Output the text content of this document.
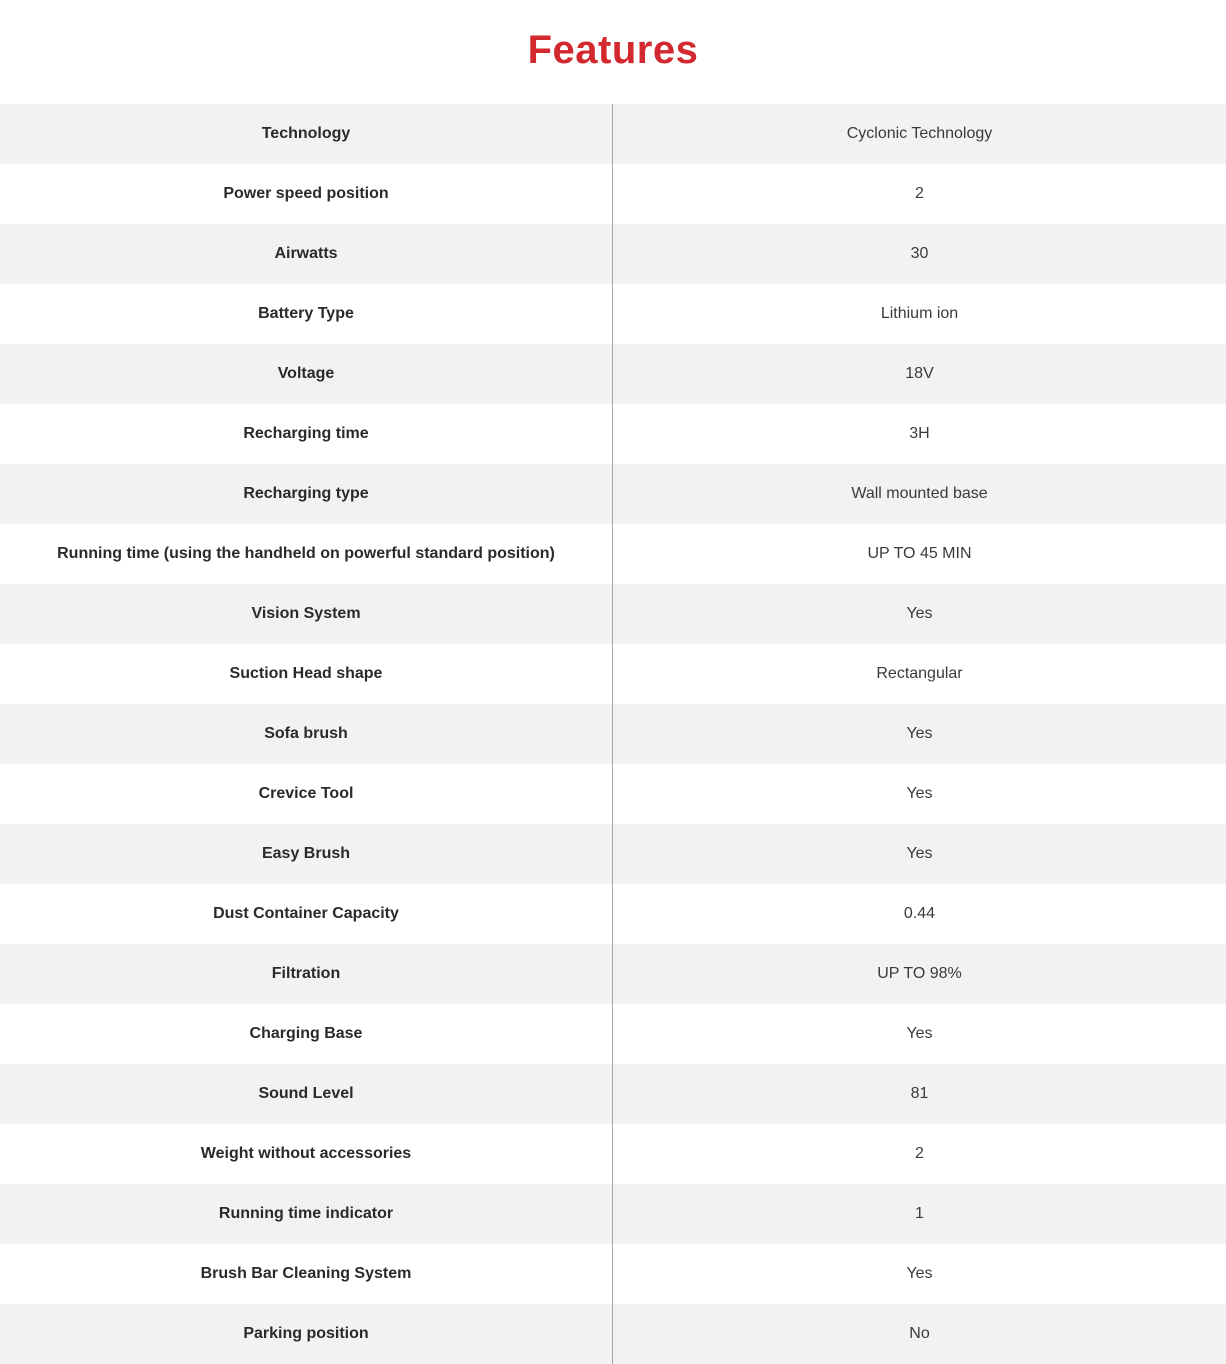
Features
Technology	Cyclonic Technology
Power speed position	2
Airwatts	30
Battery Type	Lithium ion
Voltage	18V
Recharging time	3H
Recharging type	Wall mounted base
Running time (using the handheld on powerful standard position)	UP TO 45 MIN
Vision System	Yes
Suction Head shape	Rectangular
Sofa brush	Yes
Crevice Tool	Yes
Easy Brush	Yes
Dust Container Capacity	0.44
Filtration	UP TO 98%
Charging Base	Yes
Sound Level	81
Weight without accessories	2
Running time indicator	1
Brush Bar Cleaning System	Yes
Parking position	No
